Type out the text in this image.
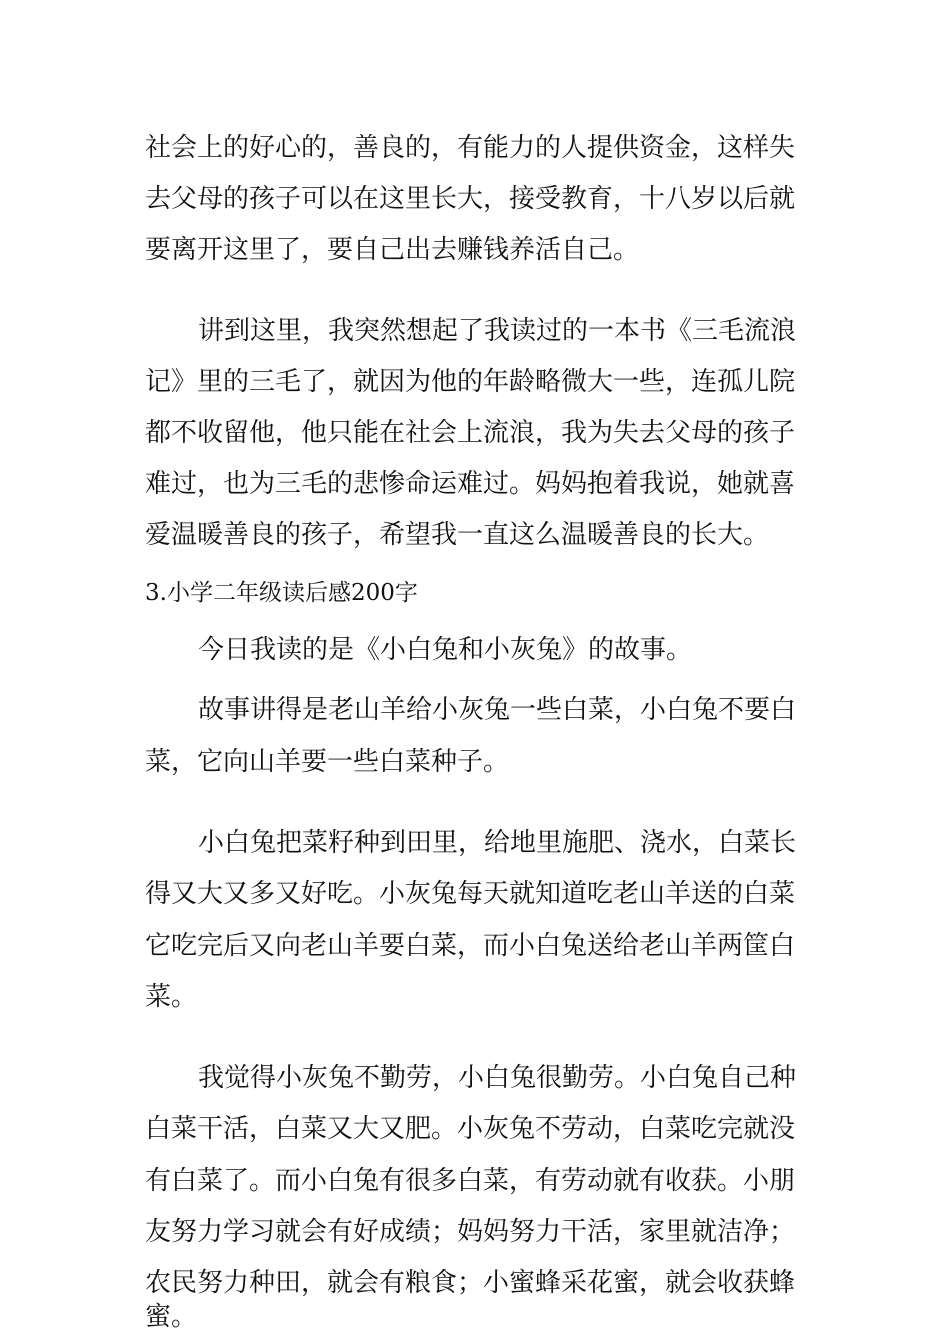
社会上的好心的，善良的，有能力的人提供资金，这样失
去父母的孩子可以在这里长大，接受教育，十八岁以后就
要离开这里了，要自己出去赚钱养活自己。
讲到这里，我突然想起了我读过的一本书《三毛流浪
记》里的三毛了，就因为他的年龄略微大一些，连孤儿院
都不收留他，他只能在社会上流浪，我为失去父母的孩子
难过，也为三毛的悲惨命运难过。妈妈抱着我说，她就喜
爱温暖善良的孩子，希望我一直这么温暖善良的长大。
3.小学二年级读后感200字
今日我读的是《小白兔和小灰兔》的故事。
故事讲得是老山羊给小灰兔一些白菜，小白兔不要白
菜，它向山羊要一些白菜种子。
小白兔把菜籽种到田里，给地里施肥、浇水，白菜长
得又大又多又好吃。小灰兔每天就知道吃老山羊送的白菜
它吃完后又向老山羊要白菜，而小白兔送给老山羊两筐白
菜。
我觉得小灰兔不勤劳，小白兔很勤劳。小白兔自己种
白菜干活，白菜又大又肥。小灰兔不劳动，白菜吃完就没
有白菜了。而小白兔有很多白菜，有劳动就有收获。小朋
友努力学习就会有好成绩；妈妈努力干活，家里就洁净；
农民努力种田，就会有粮食；小蜜蜂采花蜜，就会收获蜂
蜜。
